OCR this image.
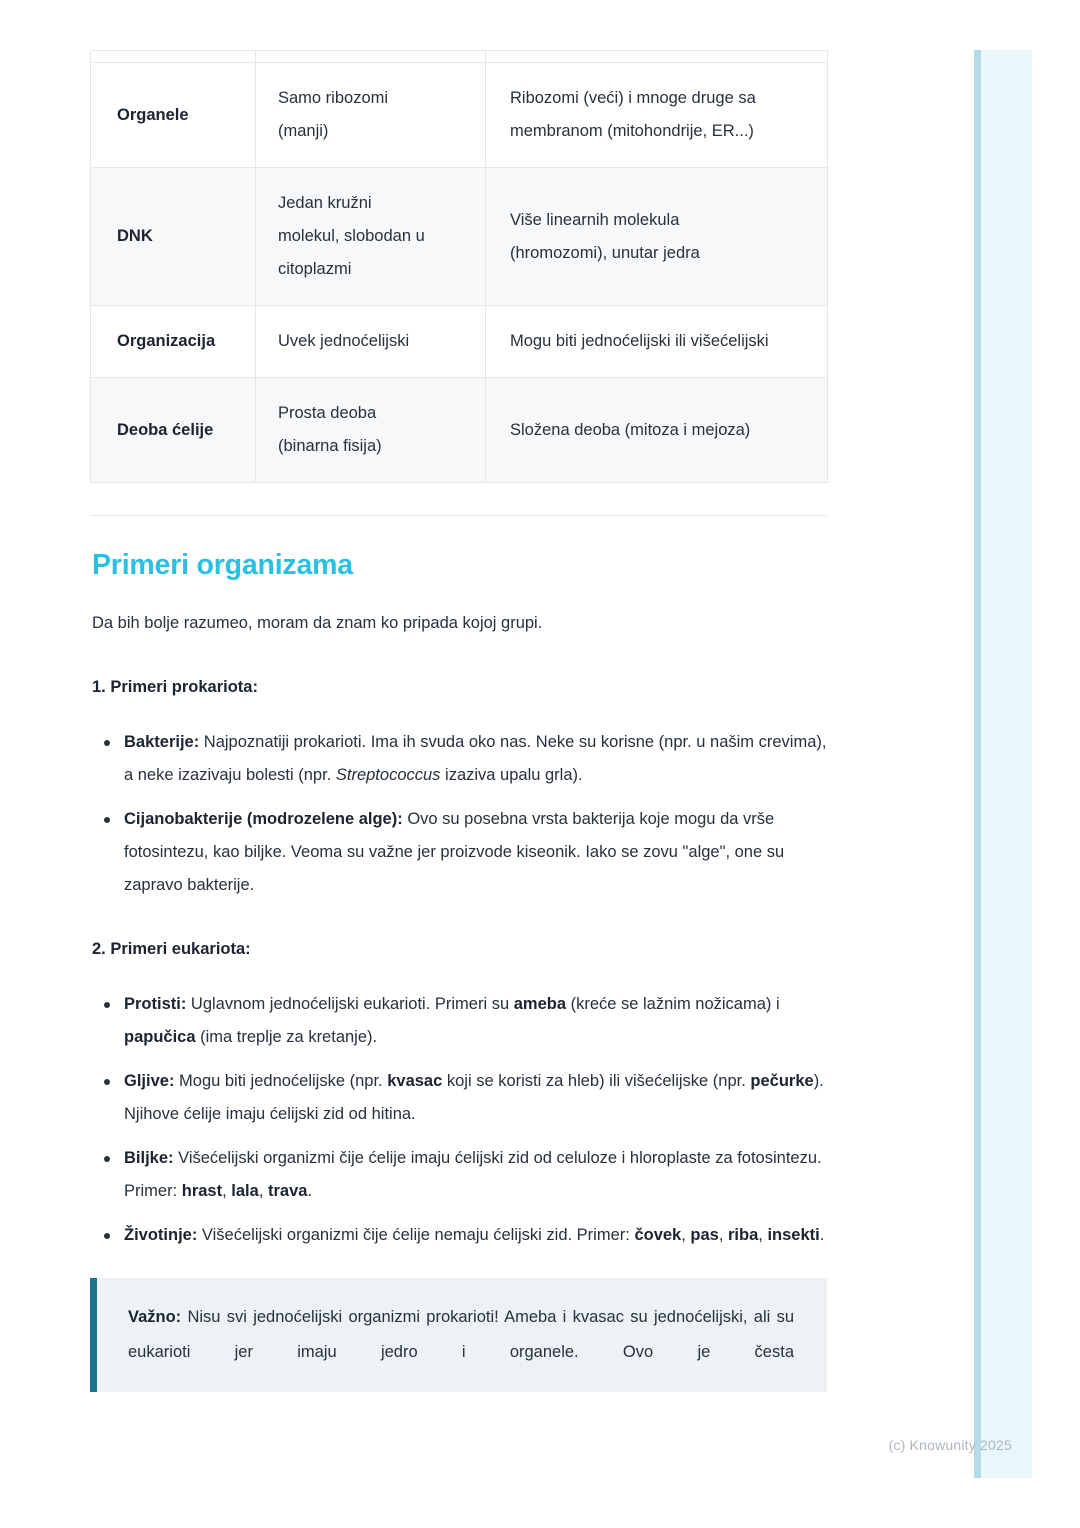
Organele	Samo ribozomi (manji)	Ribozomi (veći) i mnoge druge sa membranom (mitohondrije, ER...)
DNK	Jedan kružni molekul, slobodan u citoplazmi	Više linearnih molekula (hromozomi), unutar jedra
Organizacija	Uvek jednoćelijski	Mogu biti jednoćelijski ili višećelijski
Deoba ćelije	Prosta deoba (binarna fisija)	Složena deoba (mitoza i mejoza)
Primeri organizama

Da bih bolje razumeo, moram da znam ko pripada kojoj grupi.

1. Primeri prokariota:

Bakterije: Najpoznatiji prokarioti. Ima ih svuda oko nas. Neke su korisne (npr. u našim crevima), a neke izazivaju bolesti (npr. Streptococcus izaziva upalu grla).
Cijanobakterije (modrozelene alge): Ovo su posebna vrsta bakterija koje mogu da vrše fotosintezu, kao biljke. Veoma su važne jer proizvode kiseonik. Iako se zovu "alge", one su zapravo bakterije.

2. Primeri eukariota:

Protisti: Uglavnom jednoćelijski eukarioti. Primeri su ameba (kreće se lažnim nožicama) i papučica (ima treplje za kretanje).
Gljive: Mogu biti jednoćelijske (npr. kvasac koji se koristi za hleb) ili višećelijske (npr. pečurke). Njihove ćelije imaju ćelijski zid od hitina.
Biljke: Višećelijski organizmi čije ćelije imaju ćelijski zid od celuloze i hloroplaste za fotosintezu. Primer: hrast, lala, trava.
Životinje: Višećelijski organizmi čije ćelije nemaju ćelijski zid. Primer: čovek, pas, riba, insekti.

Važno: Nisu svi jednoćelijski organizmi prokarioti! Ameba i kvasac su jednoćelijski, ali su eukarioti jer imaju jedro i organele. Ovo je česta

(c) Knowunity 2025
